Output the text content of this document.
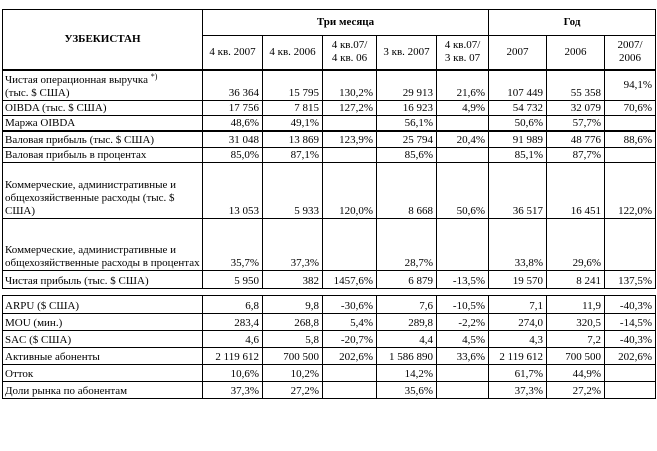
УЗБЕКИСТАН	Три месяца					Год		
	4 кв. 2007	4 кв. 2006	4 кв.07/
4 кв. 06	3 кв. 2007	4 кв.07/
3 кв. 07	2007	2006	2007/
2006
Чистая операционная выручка *)
(тыс. $ США)	36 364	15 795	130,2%	29 913	21,6%	107 449	55 358	94,1%
OIBDA (тыс. $ США)	17 756	7 815	127,2%	16 923	4,9%	54 732	32 079	70,6%
Маржа OIBDA	48,6%	49,1%		56,1%		50,6%	57,7%	
Валовая прибыль (тыс. $ США)	31 048	13 869	123,9%	25 794	20,4%	91 989	48 776	88,6%
Валовая прибыль в процентах	85,0%	87,1%		85,6%		85,1%	87,7%	
Коммерческие, административные и общехозяйственные расходы (тыс. $ США)	13 053	5 933	120,0%	8 668	50,6%	36 517	16 451	122,0%
Коммерческие, административные и общехозяйственные расходы в процентах	35,7%	37,3%		28,7%		33,8%	29,6%	
Чистая прибыль (тыс. $ США)	5 950	382	1457,6%	6 879	-13,5%	19 570	8 241	137,5%

ARPU ($ США)	6,8	9,8	-30,6%	7,6	-10,5%	7,1	11,9	-40,3%
MOU (мин.)	283,4	268,8	5,4%	289,8	-2,2%	274,0	320,5	-14,5%
SAC ($ США)	4,6	5,8	-20,7%	4,4	4,5%	4,3	7,2	-40,3%
Активные абоненты	2 119 612	700 500	202,6%	1 586 890	33,6%	2 119 612	700 500	202,6%
Отток	10,6%	10,2%		14,2%		61,7%	44,9%	
Доли рынка по абонентам	37,3%	27,2%		35,6%		37,3%	27,2%	
